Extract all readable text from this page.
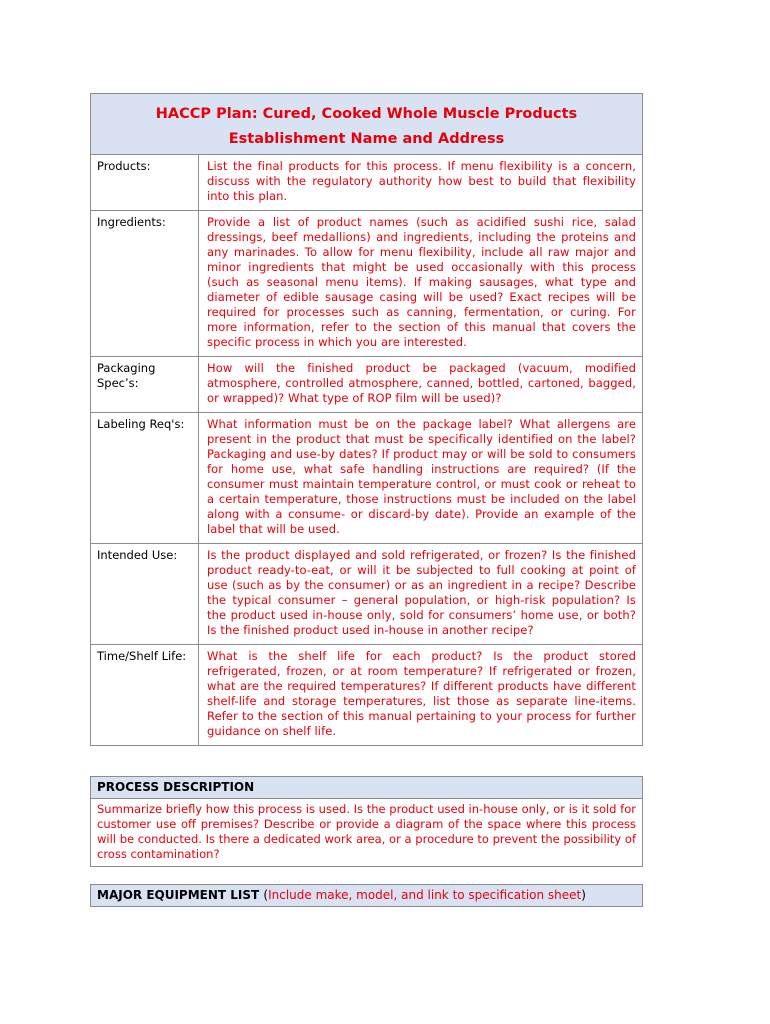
HACCP Plan: Cured, Cooked Whole Muscle Products
Establishment Name and Address	

Products:	List the final products for this process. If menu flexibility is a concern, discuss with the regulatory authority how best to build that flexibility into this plan.
Ingredients:	Provide a list of product names (such as acidified sushi rice, salad dressings, beef medallions) and ingredients, including the proteins and any marinades. To allow for menu flexibility, include all raw major and minor ingredients that might be used occasionally with this process (such as seasonal menu items). If making sausages, what type and diameter of edible sausage casing will be used? Exact recipes will be required for processes such as canning, fermentation, or curing. For more information, refer to the section of this manual that covers the specific process in which you are interested.
Packaging Spec’s:	How will the finished product be packaged (vacuum, modified atmosphere, controlled atmosphere, canned, bottled, cartoned, bagged, or wrapped)? What type of ROP film will be used)?
Labeling Req's:	What information must be on the package label? What allergens are present in the product that must be specifically identified on the label? Packaging and use-by dates? If product may or will be sold to consumers for home use, what safe handling instructions are required? (If the consumer must maintain temperature control, or must cook or reheat to a certain temperature, those instructions must be included on the label along with a consume- or discard-by date). Provide an example of the label that will be used.
Intended Use:	Is the product displayed and sold refrigerated, or frozen? Is the finished product ready-to-eat, or will it be subjected to full cooking at point of use (such as by the consumer) or as an ingredient in a recipe? Describe the typical consumer – general population, or high-risk population? Is the product used in-house only, sold for consumers’ home use, or both? Is the finished product used in-house in another recipe?
Time/Shelf Life:	What is the shelf life for each product? Is the product stored refrigerated, frozen, or at room temperature? If refrigerated or frozen, what are the required temperatures? If different products have different shelf-life and storage temperatures, list those as separate line-items. Refer to the section of this manual pertaining to your process for further guidance on shelf life.
PROCESS DESCRIPTION
Summarize briefly how this process is used. Is the product used in-house only, or is it sold for customer use off premises? Describe or provide a diagram of the space where this process will be conducted. Is there a dedicated work area, or a procedure to prevent the possibility of cross contamination?
MAJOR EQUIPMENT LIST (Include make, model, and link to specification sheet)
